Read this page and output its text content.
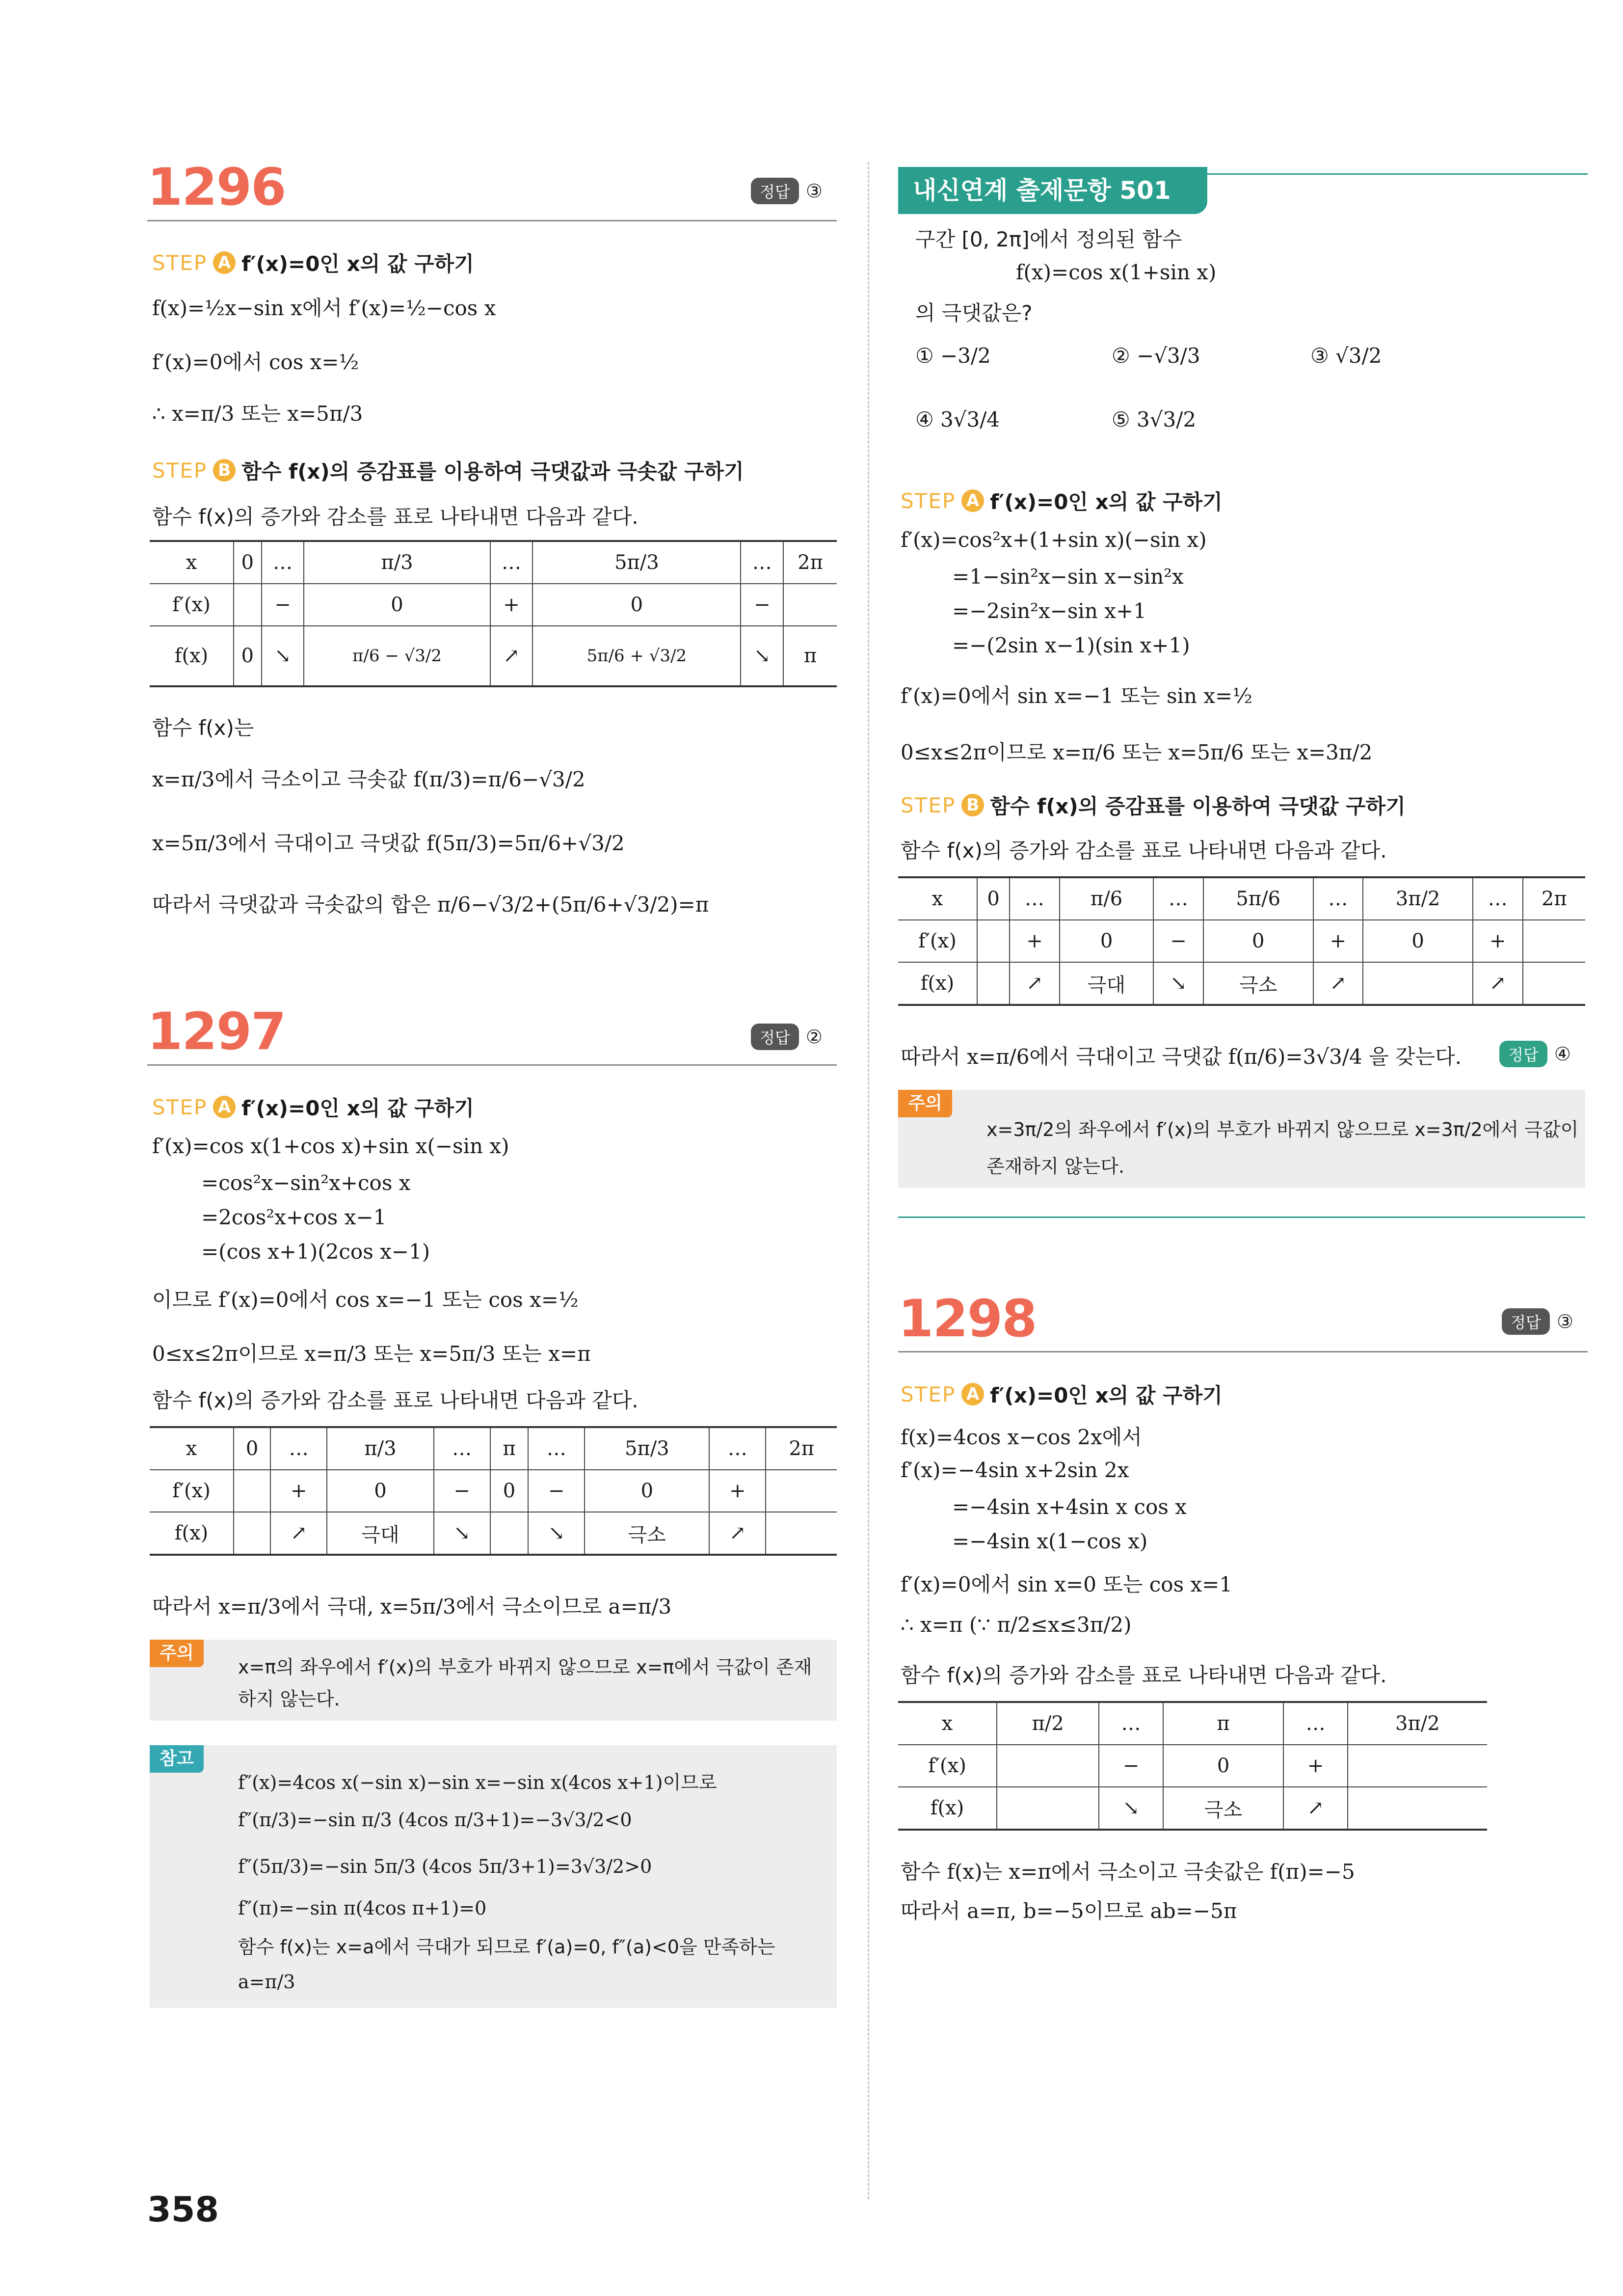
1296	정답 ③
STEP A f′(x)=0인 x의 값 구하기
f(x)=½x−sin x에서 f′(x)=½−cos x
f′(x)=0에서 cos x=½
∴ x=π/3 또는 x=5π/3
STEP B 함수 f(x)의 증감표를 이용하여 극댓값과 극솟값 구하기
함수 f(x)의 증가와 감소를 표로 나타내면 다음과 같다.
x	0	…	π/3	…	5π/3	…	2π
f′(x)		−	0	+	0	−	
f(x)	0	↘	π/6 − √3/2	↗	5π/6 + √3/2	↘	π
함수 f(x)는
x=π/3에서 극소이고 극솟값 f(π/3)=π/6−√3/2
x=5π/3에서 극대이고 극댓값 f(5π/3)=5π/6+√3/2
따라서 극댓값과 극솟값의 합은 π/6−√3/2+(5π/6+√3/2)=π
1297	정답 ②
STEP A f′(x)=0인 x의 값 구하기
f′(x)=cos x(1+cos x)+sin x(−sin x)
=cos²x−sin²x+cos x
=2cos²x+cos x−1
=(cos x+1)(2cos x−1)
이므로 f′(x)=0에서 cos x=−1 또는 cos x=½
0≤x≤2π이므로 x=π/3 또는 x=5π/3 또는 x=π
함수 f(x)의 증가와 감소를 표로 나타내면 다음과 같다.
x	0	…	π/3	…	π	…	5π/3	…	2π
f′(x)		+	0	−	0	−	0	+	
f(x)		↗	극대	↘		↘	극소	↗	
따라서 x=π/3에서 극대, x=5π/3에서 극소이므로 a=π/3
주의
x=π의 좌우에서 f′(x)의 부호가 바뀌지 않으므로 x=π에서 극값이 존재
하지 않는다.
참고
f″(x)=4cos x(−sin x)−sin x=−sin x(4cos x+1)이므로
f″(π/3)=−sin π/3 (4cos π/3+1)=−3√3/2<0
f″(5π/3)=−sin 5π/3 (4cos 5π/3+1)=3√3/2>0
f″(π)=−sin π(4cos π+1)=0
함수 f(x)는 x=a에서 극대가 되므로 f′(a)=0, f″(a)<0을 만족하는
a=π/3
내신연계 출제문항 501
구간 [0, 2π]에서 정의된 함수
f(x)=cos x(1+sin x)
의 극댓값은?
① −3/2	② −√3/3	③ √3/2
④ 3√3/4	⑤ 3√3/2
STEP A f′(x)=0인 x의 값 구하기
f′(x)=cos²x+(1+sin x)(−sin x)
=1−sin²x−sin x−sin²x
=−2sin²x−sin x+1
=−(2sin x−1)(sin x+1)
f′(x)=0에서 sin x=−1 또는 sin x=½
0≤x≤2π이므로 x=π/6 또는 x=5π/6 또는 x=3π/2
STEP B 함수 f(x)의 증감표를 이용하여 극댓값 구하기
함수 f(x)의 증가와 감소를 표로 나타내면 다음과 같다.
x	0	…	π/6	…	5π/6	…	3π/2	…	2π
f′(x)		+	0	−	0	+	0	+	
f(x)		↗	극대	↘	극소	↗		↗	
따라서 x=π/6에서 극대이고 극댓값 f(π/6)=3√3/4 을 갖는다.	정답 ④
주의
x=3π/2의 좌우에서 f′(x)의 부호가 바뀌지 않으므로 x=3π/2에서 극값이
존재하지 않는다.
1298	정답 ③
STEP A f′(x)=0인 x의 값 구하기
f(x)=4cos x−cos 2x에서
f′(x)=−4sin x+2sin 2x
=−4sin x+4sin x cos x
=−4sin x(1−cos x)
f′(x)=0에서 sin x=0 또는 cos x=1
∴ x=π (∵ π/2≤x≤3π/2)
함수 f(x)의 증가와 감소를 표로 나타내면 다음과 같다.
x	π/2	…	π	…	3π/2
f′(x)		−	0	+	
f(x)		↘	극소	↗	
함수 f(x)는 x=π에서 극소이고 극솟값은 f(π)=−5
따라서 a=π, b=−5이므로 ab=−5π
358
